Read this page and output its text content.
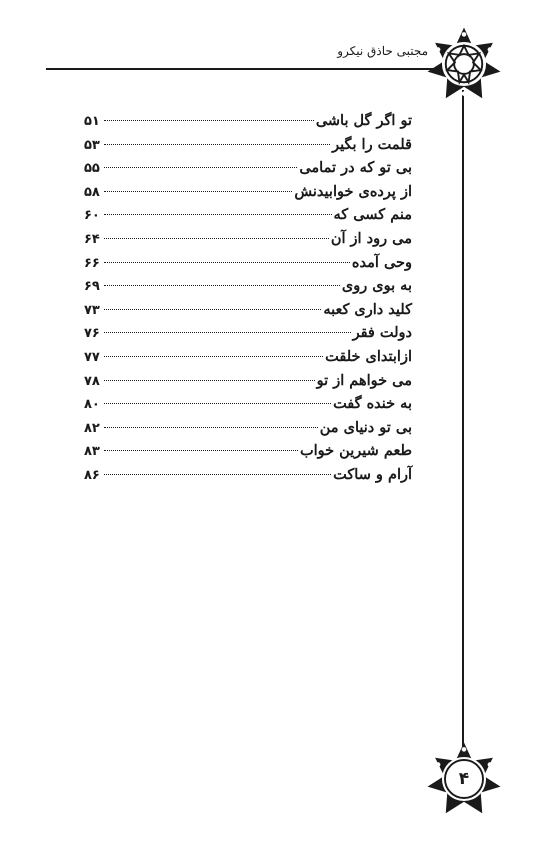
مجتبی حاذق نیکرو
۴
تو اگر گل باشی
۵۱
قلمت را بگیر
۵۳
بی تو که در تمامی
۵۵
از پرده‌ی خوابیدنش
۵۸
منم کسی که
۶۰
می رود از آن
۶۴
وحی آمده
۶۶
به بوی روی
۶۹
کلید داری کعبه
۷۳
دولت فقر
۷۶
ازابتدای خلقت
۷۷
می خواهم از تو
۷۸
به خنده گفت
۸۰
بی تو دنیای من
۸۲
طعم شیرین خواب
۸۳
آرام و ساکت
۸۶
